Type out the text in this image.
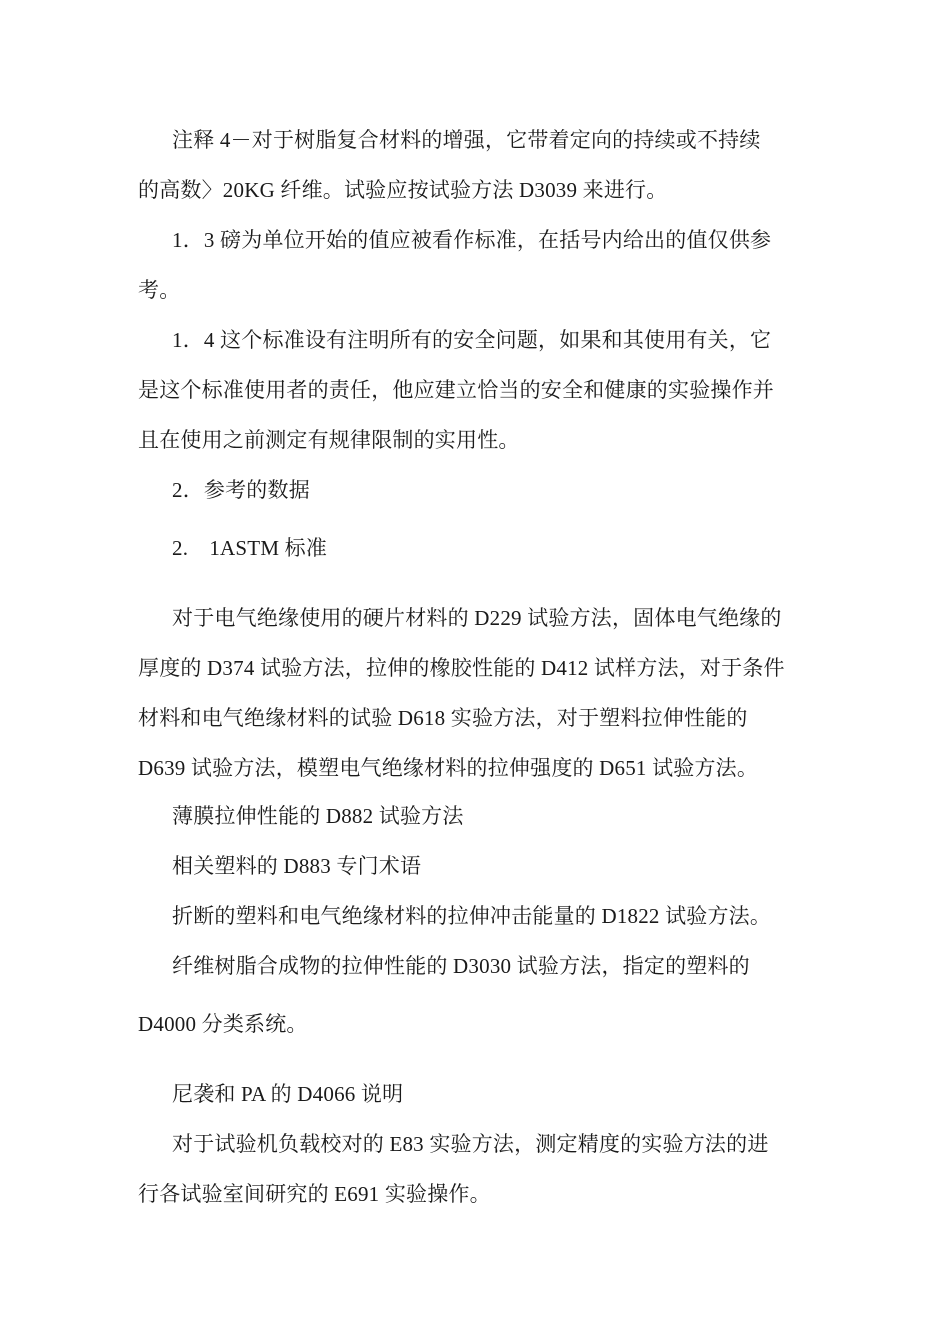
注释 4－对于树脂复合材料的增强，它带着定向的持续或不持续
的高数〉20KG 纤维。试验应按试验方法 D3039 来进行。
1．3 磅为单位开始的值应被看作标准，在括号内给出的值仅供参
考。
1．4 这个标准设有注明所有的安全问题，如果和其使用有关，它
是这个标准使用者的责任，他应建立恰当的安全和健康的实验操作并
且在使用之前测定有规律限制的实用性。
2．参考的数据
2.　1ASTM 标准
对于电气绝缘使用的硬片材料的 D229 试验方法，固体电气绝缘的
厚度的 D374 试验方法，拉伸的橡胶性能的 D412 试样方法，对于条件
材料和电气绝缘材料的试验 D618 实验方法，对于塑料拉伸性能的
D639 试验方法，模塑电气绝缘材料的拉伸强度的 D651 试验方法。
薄膜拉伸性能的 D882 试验方法
相关塑料的 D883 专门术语
折断的塑料和电气绝缘材料的拉伸冲击能量的 D1822 试验方法。
纤维树脂合成物的拉伸性能的 D3030 试验方法，指定的塑料的
D4000 分类系统。
尼袭和 PA 的 D4066 说明
对于试验机负载校对的 E83 实验方法，测定精度的实验方法的进
行各试验室间研究的 E691 实验操作。
